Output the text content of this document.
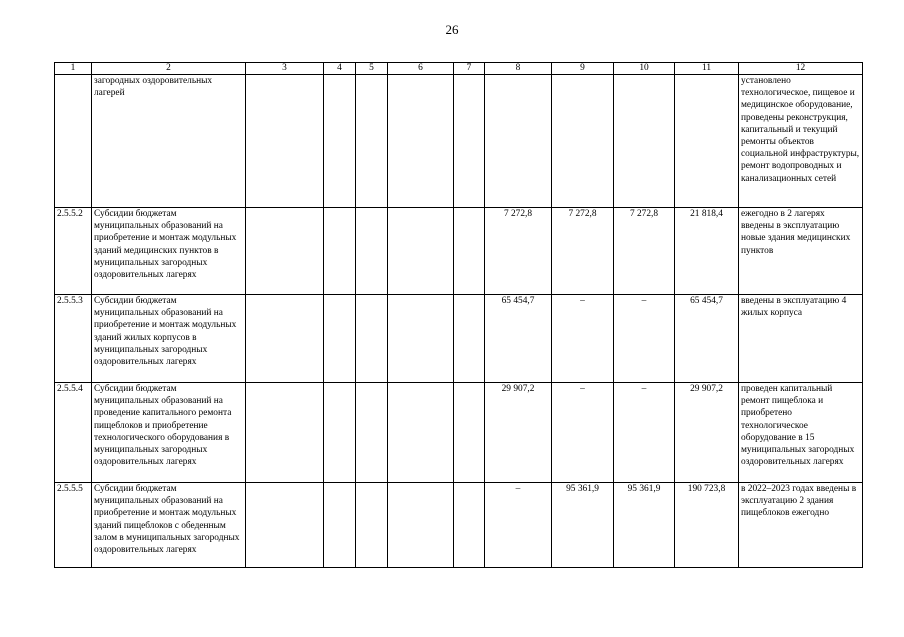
26
1	2	3	4	5	6	7	8	9	10	11	12
	загородных оздоровительных лагерей										установлено технологическое, пищевое и медицинское оборудование, проведены реконструкция, капитальный и текущий ремонты объектов социальной инфраструктуры, ремонт водопроводных и канализационных сетей
2.5.5.2	Субсидии бюджетам муниципальных образований на приобретение и монтаж модульных зданий медицинских пунктов в муниципальных загородных оздоровительных лагерях						7 272,8	7 272,8	7 272,8	21 818,4	ежегодно в 2 лагерях введены в эксплуатацию новые здания медицинских пунктов
2.5.5.3	Субсидии бюджетам муниципальных образований на приобретение и монтаж модульных зданий жилых корпусов в муниципальных загородных оздоровительных лагерях						65 454,7	–	–	65 454,7	введены в эксплуатацию 4 жилых корпуса
2.5.5.4	Субсидии бюджетам муниципальных образований на проведение капитального ремонта пищеблоков и приобретение технологического оборудования в муниципальных загородных оздоровительных лагерях						29 907,2	–	–	29 907,2	проведен капитальный ремонт пищеблока и приобретено технологическое оборудование в 15 муниципальных загородных оздоровительных лагерях
2.5.5.5	Субсидии бюджетам муниципальных образований на приобретение и монтаж модульных зданий пищеблоков с обеденным залом в муниципальных загородных оздоровительных лагерях						–	95 361,9	95 361,9	190 723,8	в 2022–2023 годах введены в эксплуатацию 2 здания пищеблоков ежегодно
